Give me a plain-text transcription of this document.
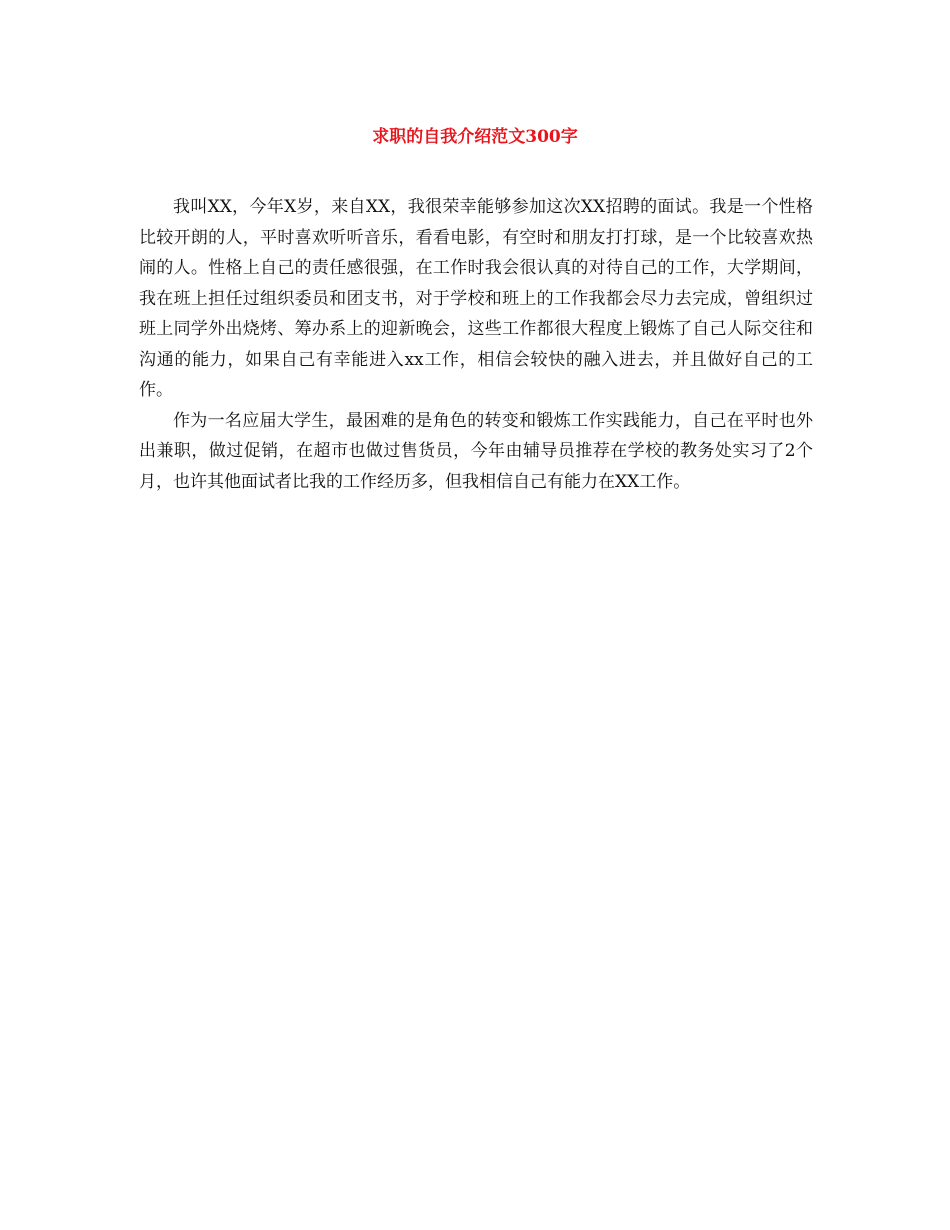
求职的自我介绍范文300字

我叫XX，今年X岁，来自XX，我很荣幸能够参加这次XX招聘的面试。我是一个性格比较开朗的人，平时喜欢听听音乐，看看电影，有空时和朋友打打球，是一个比较喜欢热闹的人。性格上自己的责任感很强，在工作时我会很认真的对待自己的工作，大学期间，我在班上担任过组织委员和团支书，对于学校和班上的工作我都会尽力去完成，曾组织过班上同学外出烧烤、筹办系上的迎新晚会，这些工作都很大程度上锻炼了自己人际交往和沟通的能力，如果自己有幸能进入xx工作，相信会较快的融入进去，并且做好自己的工作。

作为一名应届大学生，最困难的是角色的转变和锻炼工作实践能力，自己在平时也外出兼职，做过促销，在超市也做过售货员，今年由辅导员推荐在学校的教务处实习了2个月，也许其他面试者比我的工作经历多，但我相信自己有能力在XX工作。
